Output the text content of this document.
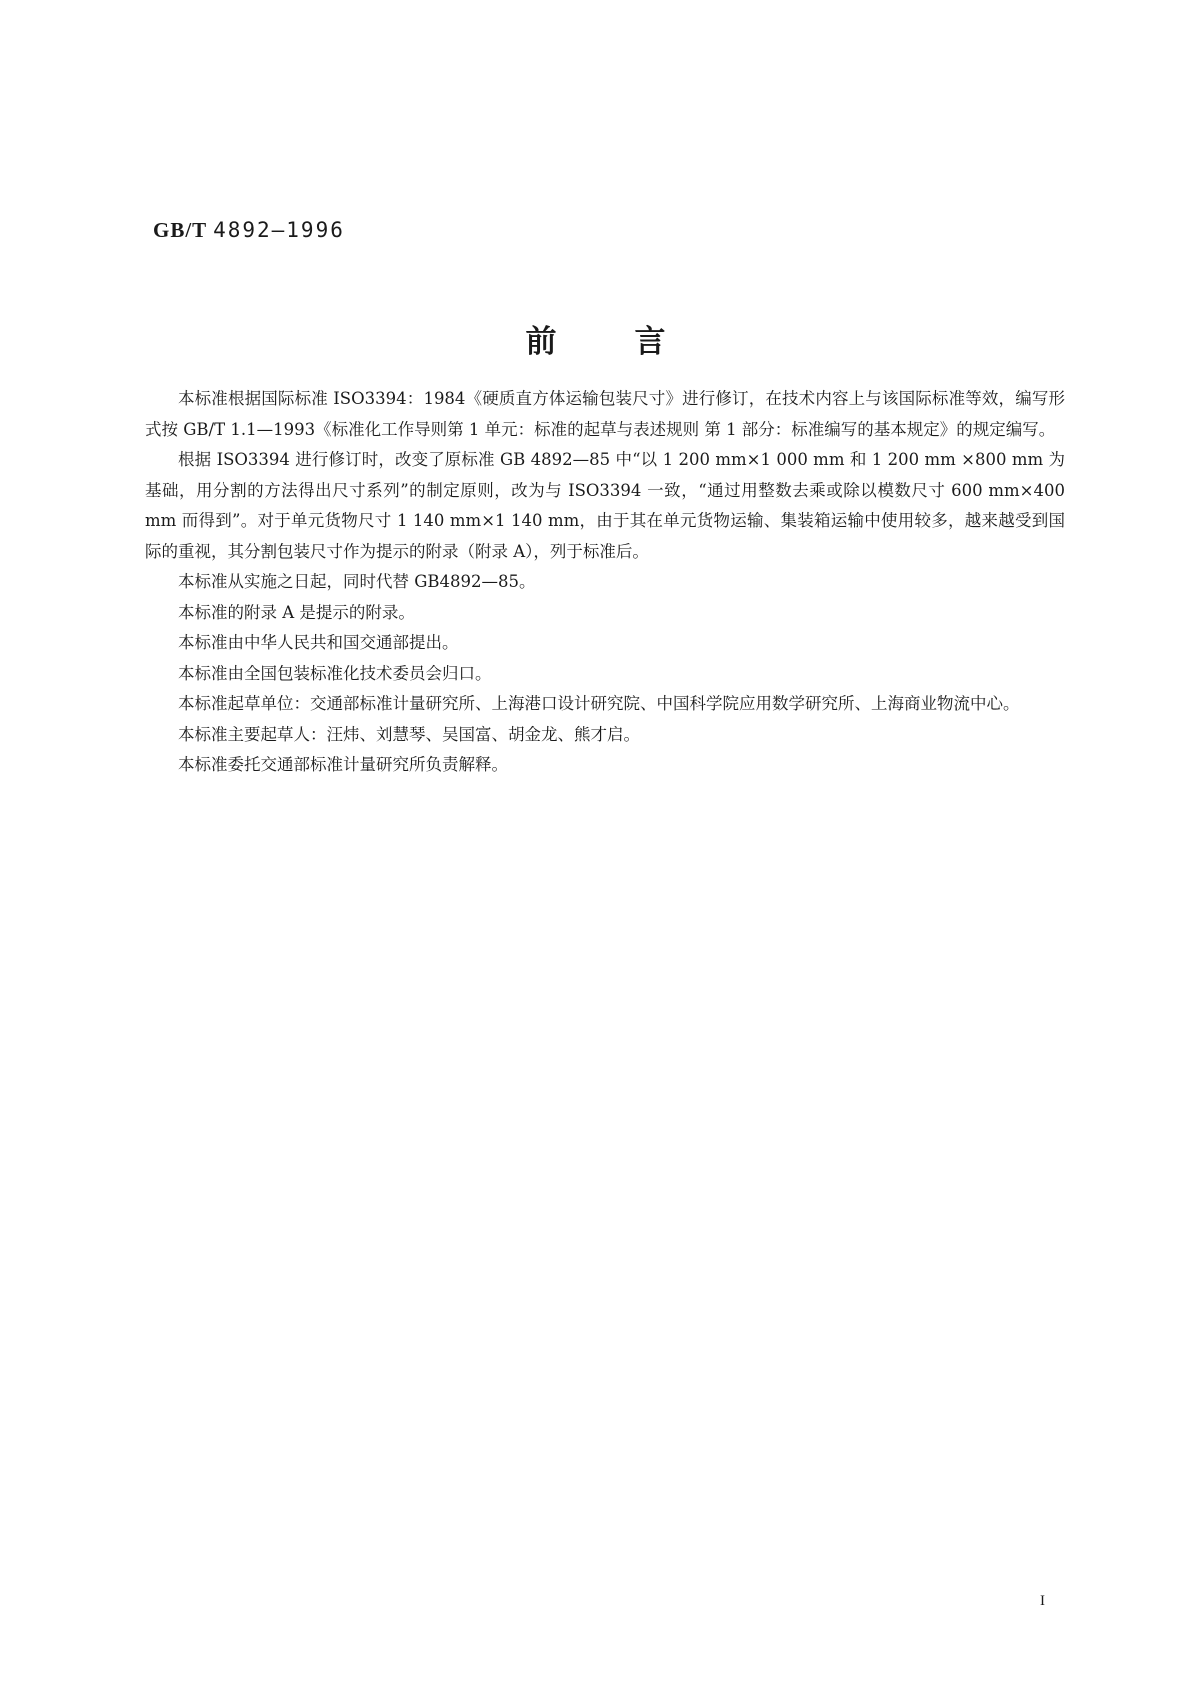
GB/T 4892—1996
前言

本标准根据国际标准 ISO3394：1984《硬质直方体运输包装尺寸》进行修订，在技术内容上与该国际标准等效，编写形式按 GB/T 1.1—1993《标准化工作导则第 1 单元：标准的起草与表述规则 第 1 部分：标准编写的基本规定》的规定编写。

根据 ISO3394 进行修订时，改变了原标准 GB 4892—85 中“以 1 200 mm×1 000 mm 和 1 200 mm ×800 mm 为基础，用分割的方法得出尺寸系列”的制定原则，改为与 ISO3394 一致，“通过用整数去乘或除以模数尺寸 600 mm×400 mm 而得到”。对于单元货物尺寸 1 140 mm×1 140 mm，由于其在单元货物运输、集装箱运输中使用较多，越来越受到国际的重视，其分割包装尺寸作为提示的附录（附录 A），列于标准后。

本标准从实施之日起，同时代替 GB4892—85。

本标准的附录 A 是提示的附录。

本标准由中华人民共和国交通部提出。

本标准由全国包装标准化技术委员会归口。

本标准起草单位：交通部标准计量研究所、上海港口设计研究院、中国科学院应用数学研究所、上海商业物流中心。

本标准主要起草人：汪炜、刘慧琴、吴国富、胡金龙、熊才启。

本标准委托交通部标准计量研究所负责解释。

I
